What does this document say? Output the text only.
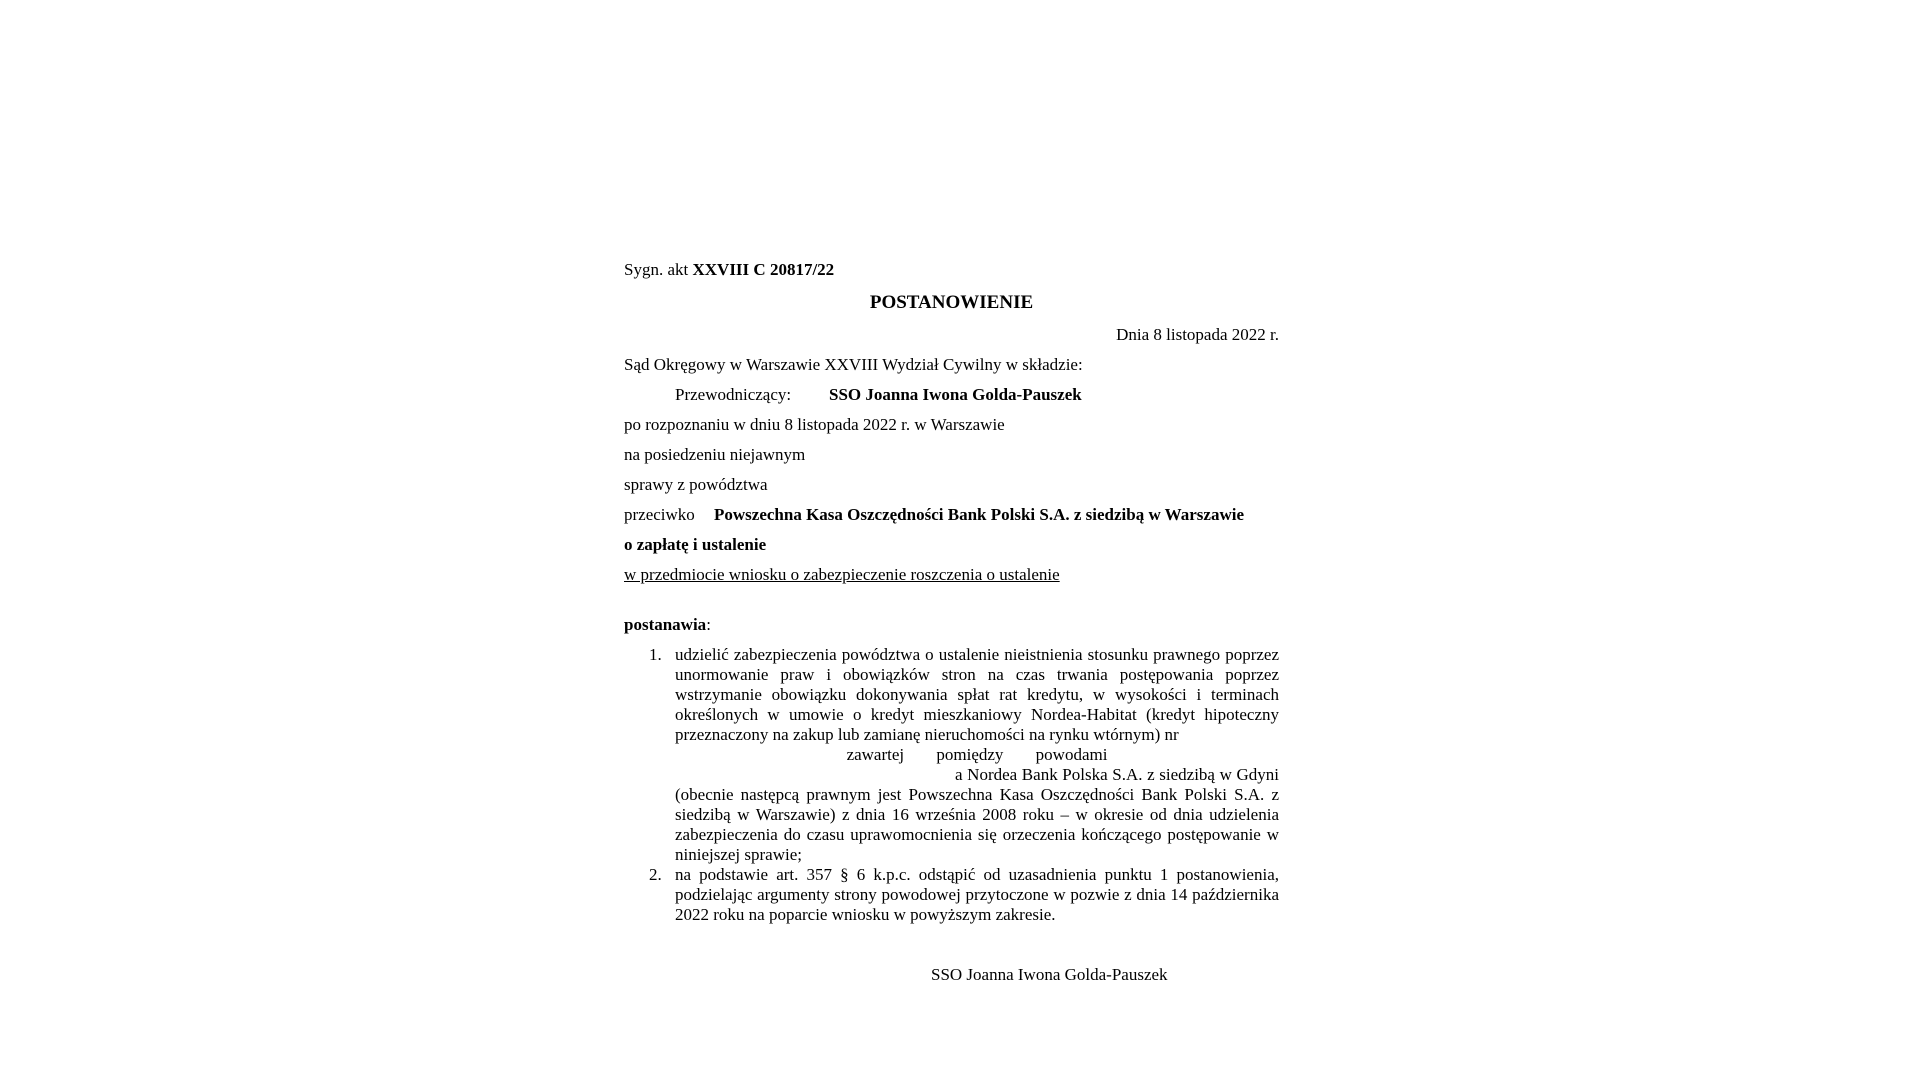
Sygn. akt XXVIII C 20817/22
POSTANOWIENIE
Dnia 8 listopada 2022 r.
Sąd Okręgowy w Warszawie XXVIII Wydział Cywilny w składzie:
Przewodniczący: SSO Joanna Iwona Golda-Pauszek
po rozpoznaniu w dniu 8 listopada 2022 r. w Warszawie
na posiedzeniu niejawnym
sprawy z powództwa
przeciwko Powszechna Kasa Oszczędności Bank Polski S.A. z siedzibą w Warszawie
o zapłatę i ustalenie
w przedmiocie wniosku o zabezpieczenie roszczenia o ustalenie
postanawia:
1. udzielić zabezpieczenia powództwa o ustalenie nieistnienia stosunku prawnego poprzez unormowanie praw i obowiązków stron na czas trwania postępowania poprzez wstrzymanie obowiązku dokonywania spłat rat kredytu, w wysokości i terminach określonych w umowie o kredyt mieszkaniowy Nordea-Habitat (kredyt hipoteczny przeznaczony na zakup lub zamianę nieruchomości na rynku wtórnym) nr
zawartej pomiędzy powodami
a Nordea Bank Polska S.A. z siedzibą w Gdyni (obecnie następcą prawnym jest Powszechna Kasa Oszczędności Bank Polski S.A. z siedzibą w Warszawie) z dnia 16 września 2008 roku – w okresie od dnia udzielenia zabezpieczenia do czasu uprawomocnienia się orzeczenia kończącego postępowanie w niniejszej sprawie;
2. na podstawie art. 357 § 6 k.p.c. odstąpić od uzasadnienia punktu 1 postanowienia, podzielając argumenty strony powodowej przytoczone w pozwie z dnia 14 października 2022 roku na poparcie wniosku w powyższym zakresie.
SSO Joanna Iwona Golda-Pauszek
